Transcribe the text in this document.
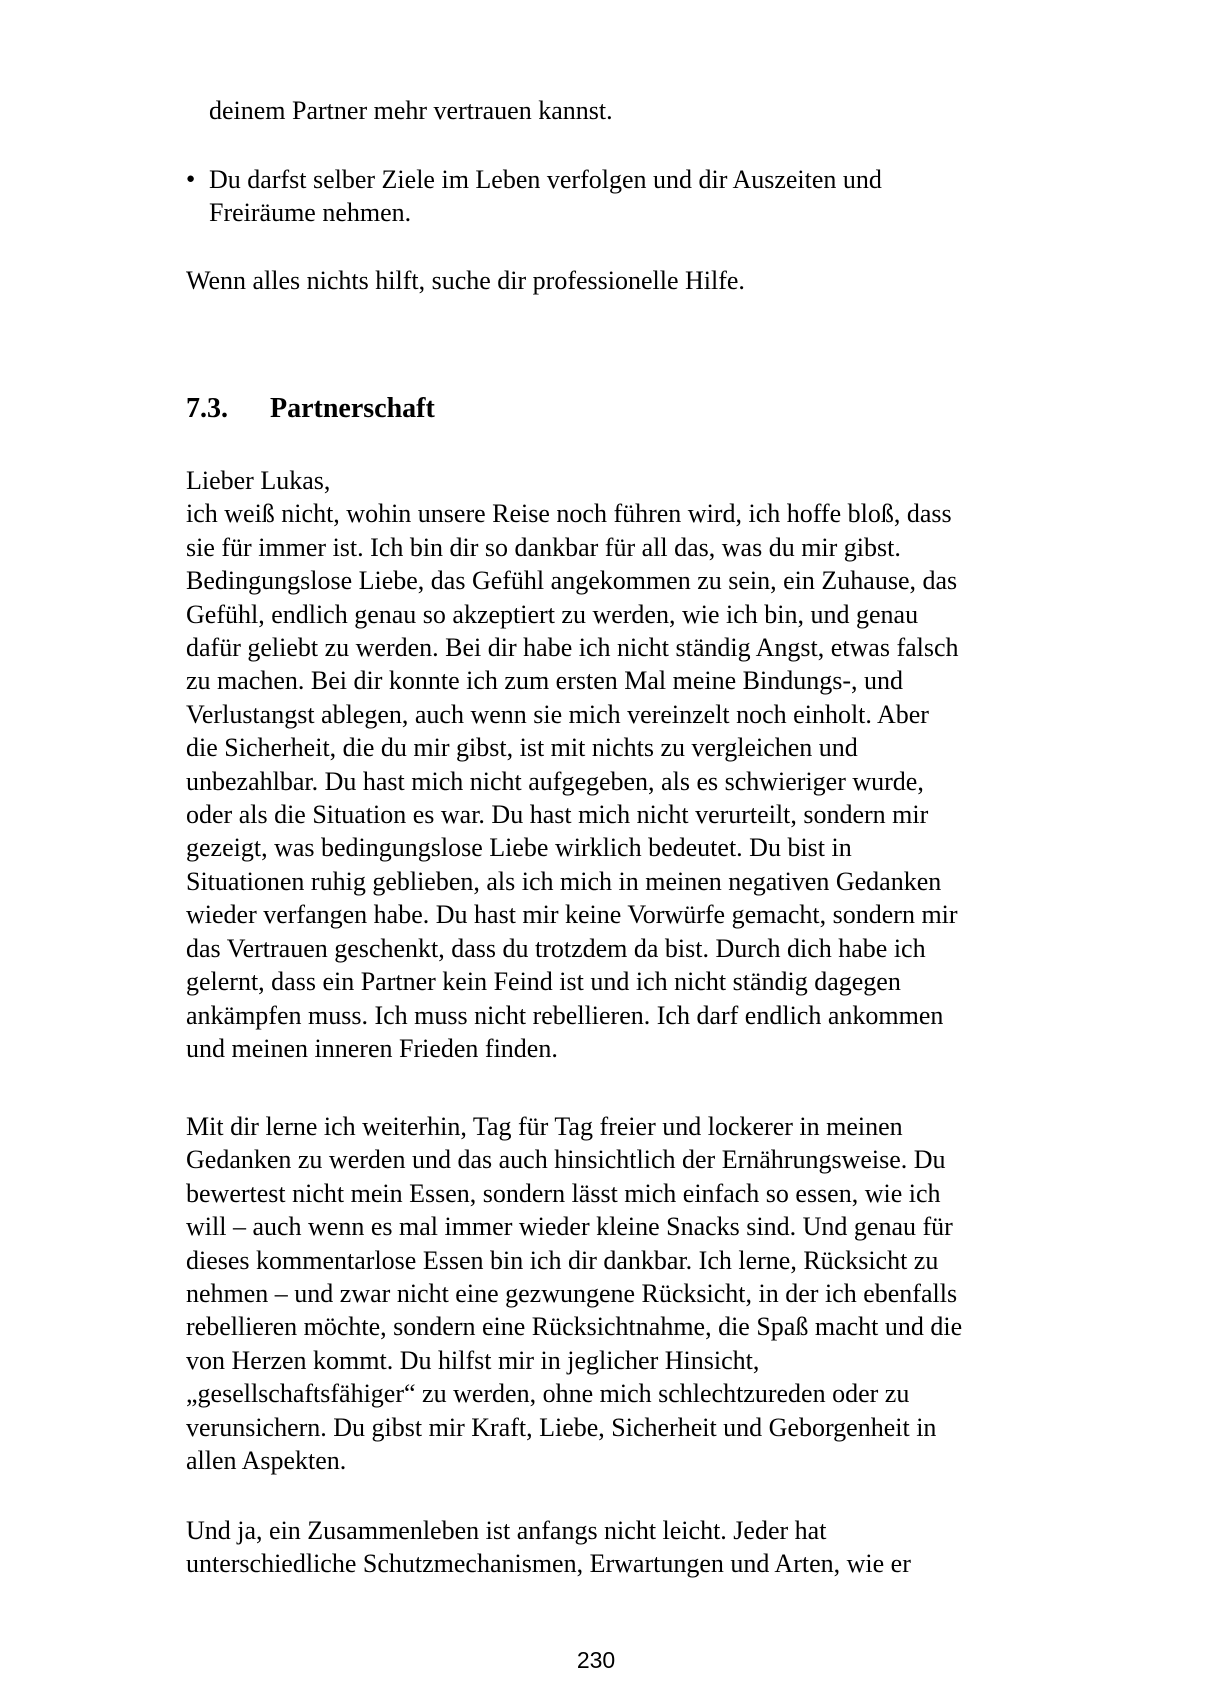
deinem Partner mehr vertrauen kannst.
● Du darfst selber Ziele im Leben verfolgen und dir Auszeiten und
Freiräume nehmen.
Wenn alles nichts hilft, suche dir professionelle Hilfe.
7.3. Partnerschaft
Lieber Lukas,
ich weiß nicht, wohin unsere Reise noch führen wird, ich hoffe bloß, dass
sie für immer ist. Ich bin dir so dankbar für all das, was du mir gibst.
Bedingungslose Liebe, das Gefühl angekommen zu sein, ein Zuhause, das
Gefühl, endlich genau so akzeptiert zu werden, wie ich bin, und genau
dafür geliebt zu werden. Bei dir habe ich nicht ständig Angst, etwas falsch
zu machen. Bei dir konnte ich zum ersten Mal meine Bindungs-, und
Verlustangst ablegen, auch wenn sie mich vereinzelt noch einholt. Aber
die Sicherheit, die du mir gibst, ist mit nichts zu vergleichen und
unbezahlbar. Du hast mich nicht aufgegeben, als es schwieriger wurde,
oder als die Situation es war. Du hast mich nicht verurteilt, sondern mir
gezeigt, was bedingungslose Liebe wirklich bedeutet. Du bist in
Situationen ruhig geblieben, als ich mich in meinen negativen Gedanken
wieder verfangen habe. Du hast mir keine Vorwürfe gemacht, sondern mir
das Vertrauen geschenkt, dass du trotzdem da bist. Durch dich habe ich
gelernt, dass ein Partner kein Feind ist und ich nicht ständig dagegen
ankämpfen muss. Ich muss nicht rebellieren. Ich darf endlich ankommen
und meinen inneren Frieden finden.
Mit dir lerne ich weiterhin, Tag für Tag freier und lockerer in meinen
Gedanken zu werden und das auch hinsichtlich der Ernährungsweise. Du
bewertest nicht mein Essen, sondern lässt mich einfach so essen, wie ich
will – auch wenn es mal immer wieder kleine Snacks sind. Und genau für
dieses kommentarlose Essen bin ich dir dankbar. Ich lerne, Rücksicht zu
nehmen – und zwar nicht eine gezwungene Rücksicht, in der ich ebenfalls
rebellieren möchte, sondern eine Rücksichtnahme, die Spaß macht und die
von Herzen kommt. Du hilfst mir in jeglicher Hinsicht,
„gesellschaftsfähiger“ zu werden, ohne mich schlechtzureden oder zu
verunsichern. Du gibst mir Kraft, Liebe, Sicherheit und Geborgenheit in
allen Aspekten.
Und ja, ein Zusammenleben ist anfangs nicht leicht. Jeder hat
unterschiedliche Schutzmechanismen, Erwartungen und Arten, wie er
230
